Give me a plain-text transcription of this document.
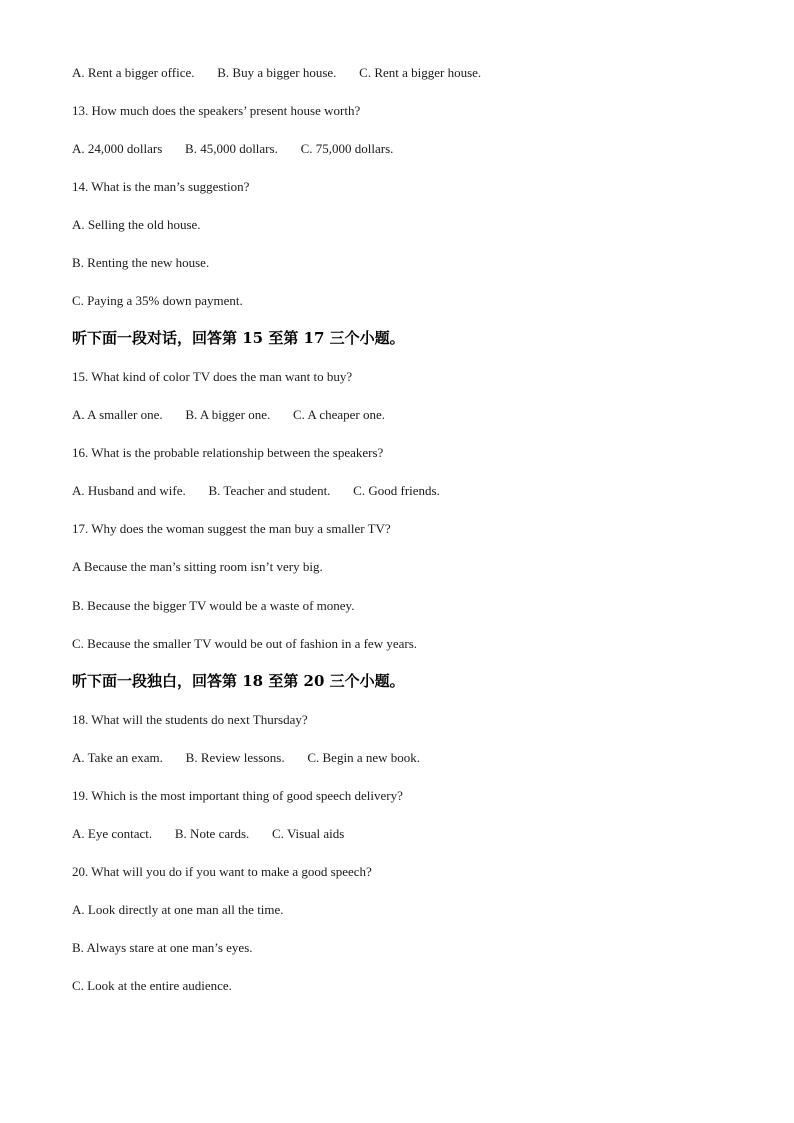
A. Rent a bigger office.       B. Buy a bigger house.       C. Rent a bigger house.
13. How much does the speakers’ present house worth?
A. 24,000 dollars       B. 45,000 dollars.       C. 75,000 dollars.
14. What is the man’s suggestion?
A. Selling the old house.
B. Renting the new house.
C. Paying a 35% down payment.
听下面一段对话，回答第 15 至第 17 三个小题。
15. What kind of color TV does the man want to buy?
A. A smaller one.       B. A bigger one.       C. A cheaper one.
16. What is the probable relationship between the speakers?
A. Husband and wife.       B. Teacher and student.       C. Good friends.
17. Why does the woman suggest the man buy a smaller TV?
A Because the man’s sitting room isn’t very big.
B. Because the bigger TV would be a waste of money.
C. Because the smaller TV would be out of fashion in a few years.
听下面一段独白，回答第 18 至第 20 三个小题。
18. What will the students do next Thursday?
A. Take an exam.       B. Review lessons.       C. Begin a new book.
19. Which is the most important thing of good speech delivery?
A. Eye contact.       B. Note cards.       C. Visual aids
20. What will you do if you want to make a good speech?
A. Look directly at one man all the time.
B. Always stare at one man’s eyes.
C. Look at the entire audience.
